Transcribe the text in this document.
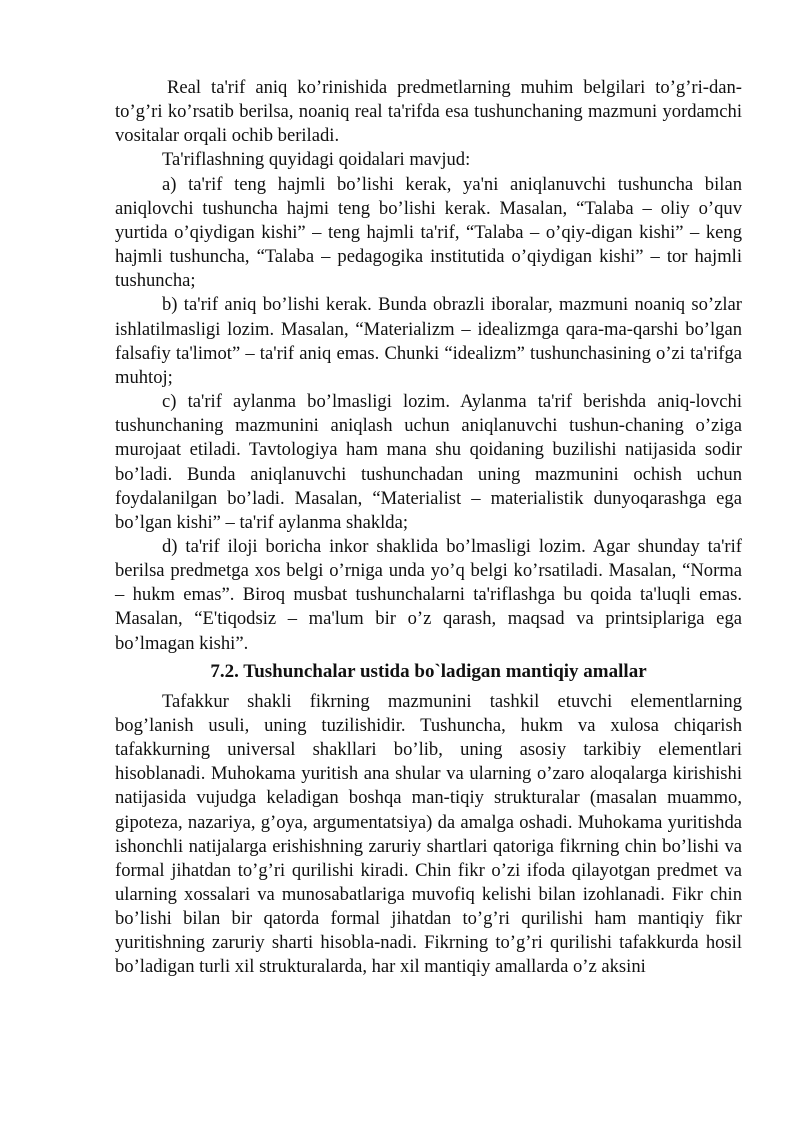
Real ta'rif aniq ko’rinishida predmetlarning muhim belgilari to’g’ri-dan-to’g’ri ko’rsatib berilsa, noaniq real ta'rifda esa tushunchaning mazmuni yordamchi vositalar orqali ochib beriladi.

Ta'riflashning quyidagi qoidalari mavjud:

a) ta'rif teng hajmli bo’lishi kerak, ya'ni aniqlanuvchi tushuncha bilan aniqlovchi tushuncha hajmi teng bo’lishi kerak. Masalan, “Talaba – oliy o’quv yurtida o’qiydigan kishi” – teng hajmli ta'rif, “Talaba – o’qiy-digan kishi” – keng hajmli tushuncha, “Talaba – pedagogika institutida o’qiydigan kishi” – tor hajmli tushuncha;

b) ta'rif aniq bo’lishi kerak. Bunda obrazli iboralar, mazmuni noaniq so’zlar ishlatilmasligi lozim. Masalan, “Materializm – idealizmga qara-ma-qarshi bo’lgan falsafiy ta'limot” – ta'rif aniq emas. Chunki “idealizm” tushunchasining o’zi ta'rifga muhtoj;

c) ta'rif aylanma bo’lmasligi lozim. Aylanma ta'rif berishda aniq-lovchi tushunchaning mazmunini aniqlash uchun aniqlanuvchi tushun-chaning o’ziga murojaat etiladi. Tavtologiya ham mana shu qoidaning buzilishi natijasida sodir bo’ladi. Bunda aniqlanuvchi tushunchadan uning mazmunini ochish uchun foydalanilgan bo’ladi. Masalan, “Materialist – materialistik dunyoqarashga ega bo’lgan kishi” – ta'rif aylanma shaklda;

d) ta'rif iloji boricha inkor shaklida bo’lmasligi lozim. Agar shunday ta'rif berilsa predmetga xos belgi o’rniga unda yo’q belgi ko’rsatiladi. Masalan, “Norma – hukm emas”. Biroq musbat tushunchalarni ta'riflashga bu qoida ta'luqli emas. Masalan, “E'tiqodsiz – ma'lum bir o’z qarash, maqsad va printsiplariga ega bo’lmagan kishi”.

7.2. Tushunchalar ustida bo`ladigan mantiqiy amallar

Tafakkur shakli fikrning mazmunini tashkil etuvchi elementlarning bog’lanish usuli, uning tuzilishidir. Tushuncha, hukm va xulosa chiqarish tafakkurning universal shakllari bo’lib, uning asosiy tarkibiy elementlari hisoblanadi. Muhokama yuritish ana shular va ularning o’zaro aloqalarga kirishishi natijasida vujudga keladigan boshqa man-tiqiy strukturalar (masalan muammo, gipoteza, nazariya, g’oya, argumentatsiya) da amalga oshadi. Muhokama yuritishda ishonchli natijalarga erishishning zaruriy shartlari qatoriga fikrning chin bo’lishi va formal jihatdan to’g’ri qurilishi kiradi. Chin fikr o’zi ifoda qilayotgan predmet va ularning xossalari va munosabatlariga muvofiq kelishi bilan izohlanadi. Fikr chin bo’lishi bilan bir qatorda formal jihatdan to’g’ri qurilishi ham mantiqiy fikr yuritishning zaruriy sharti hisobla-nadi. Fikrning to’g’ri qurilishi tafakkurda hosil bo’ladigan turli xil strukturalarda, har xil mantiqiy amallarda o’z aksini
